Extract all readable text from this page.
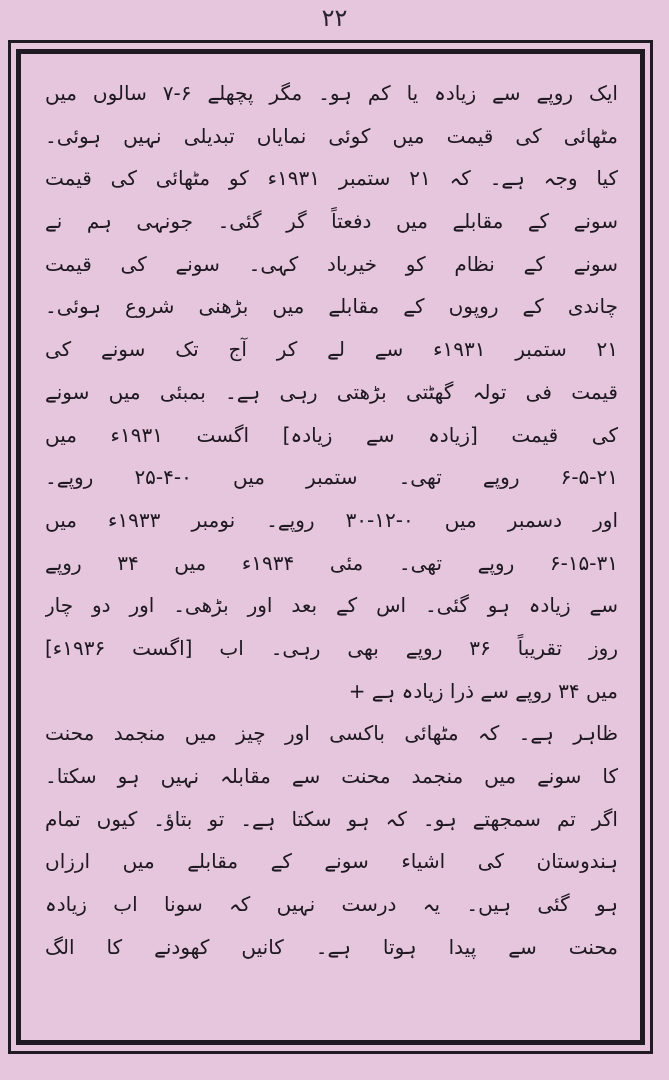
۲۲
ایک روپے سے زیادہ یا کم ہو۔ مگر پچھلے ۶-۷ سالوں میں
مٹھائی کی قیمت میں کوئی نمایاں تبدیلی نہیں ہوئی۔
کیا وجہ ہے۔ کہ ۲۱ ستمبر ۱۹۳۱ء کو مٹھائی کی قیمت
سونے کے مقابلے میں دفعتاً گر گئی۔ جونہی ہم نے
سونے کے نظام کو خیرباد کہی۔ سونے کی قیمت
چاندی کے روپوں کے مقابلے میں بڑھنی شروع ہوئی۔
۲۱ ستمبر ۱۹۳۱ء سے لے کر آج تک سونے کی
قیمت فی تولہ گھٹتی بڑھتی رہی ہے۔ بمبئی میں سونے
کی قیمت [زیادہ سے زیادہ] اگست ۱۹۳۱ء میں
۶-۵-۲۱ روپے تھی۔ ستمبر میں ۰-۴-۲۵ روپے۔
اور دسمبر میں ۰-۱۲-۳۰ روپے۔ نومبر ۱۹۳۳ء میں
۶-۱۵-۳۱ روپے تھی۔ مئی ۱۹۳۴ء میں ۳۴ روپے
سے زیادہ ہو گئی۔ اس کے بعد اور بڑھی۔ اور دو چار
روز تقریباً ۳۶ روپے بھی رہی۔ اب [اگست ۱۹۳۶ء]
میں ۳۴ روپے سے ذرا زیادہ ہے +
ظاہر ہے۔ کہ مٹھائی باکسی اور چیز میں منجمد محنت
کا سونے میں منجمد محنت سے مقابلہ نہیں ہو سکتا۔
اگر تم سمجھتے ہو۔ کہ ہو سکتا ہے۔ تو بتاؤ۔ کیوں تمام
ہندوستان کی اشیاء سونے کے مقابلے میں ارزاں
ہو گئی ہیں۔ یہ درست نہیں کہ سونا اب زیادہ
محنت سے پیدا ہوتا ہے۔ کانیں کھودنے کا الگ
